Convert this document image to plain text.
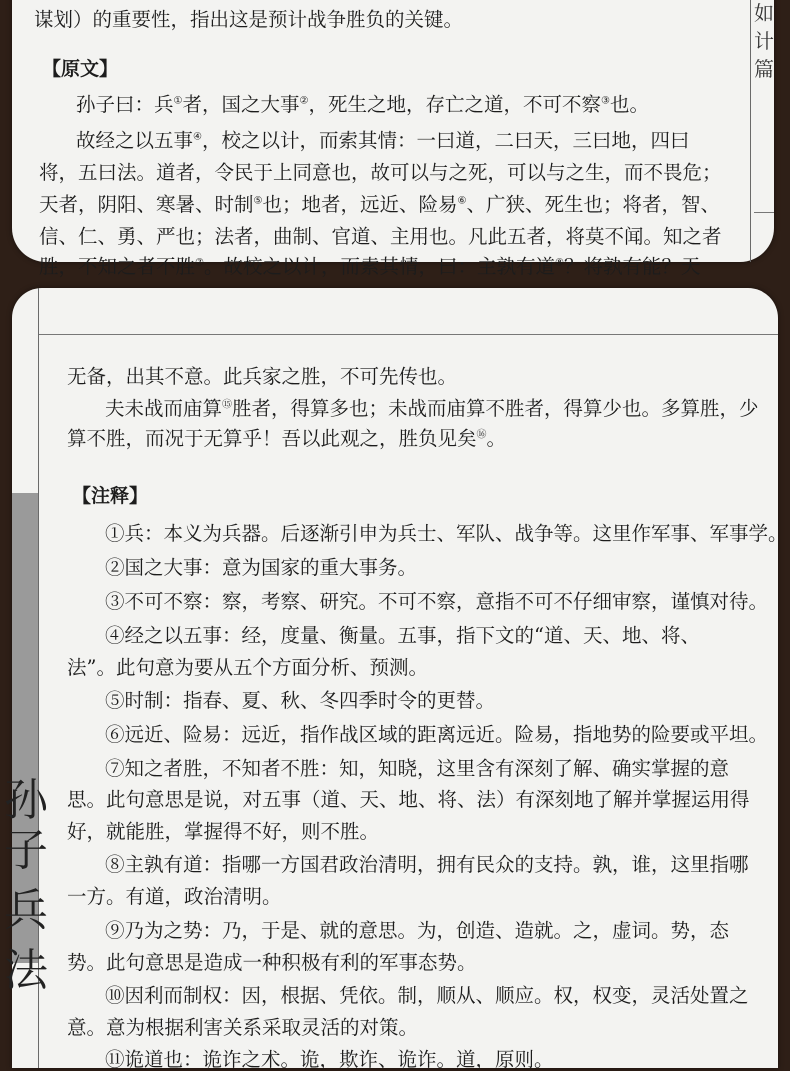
谋划）的重要性，指出这是预计战争胜负的关键。
【原文】
孙子曰：兵①者，国之大事②，死生之地，存亡之道，不可不察③也。
故经之以五事④，校之以计，而索其情：一曰道，二曰天，三曰地，四曰
将，五曰法。道者，令民于上同意也，故可以与之死，可以与之生，而不畏危；
天者，阴阳、寒暑、时制⑤也；地者，远近、险易⑥、广狭、死生也；将者，智、
信、仁、勇、严也；法者，曲制、官道、主用也。凡此五者，将莫不闻。知之者
胜，不知之者不胜⑦。故校之以计，而索其情，曰：主孰有道⑧？将孰有能？天
如
计
篇
孙
子
兵
法
无备，出其不意。此兵家之胜，不可先传也。
夫未战而庙算⑮胜者，得算多也；未战而庙算不胜者，得算少也。多算胜，少
算不胜，而况于无算乎！吾以此观之，胜负见矣⑯。
【注释】
①兵：本义为兵器。后逐渐引申为兵士、军队、战争等。这里作军事、军事学。
②国之大事：意为国家的重大事务。
③不可不察：察，考察、研究。不可不察，意指不可不仔细审察，谨慎对待。
④经之以五事：经，度量、衡量。五事，指下文的“道、天、地、将、
法”。此句意为要从五个方面分析、预测。
⑤时制：指春、夏、秋、冬四季时令的更替。
⑥远近、险易：远近，指作战区域的距离远近。险易，指地势的险要或平坦。
⑦知之者胜，不知者不胜：知，知晓，这里含有深刻了解、确实掌握的意
思。此句意思是说，对五事（道、天、地、将、法）有深刻地了解并掌握运用得
好，就能胜，掌握得不好，则不胜。
⑧主孰有道：指哪一方国君政治清明，拥有民众的支持。孰，谁，这里指哪
一方。有道，政治清明。
⑨乃为之势：乃，于是、就的意思。为，创造、造就。之，虚词。势，态
势。此句意思是造成一种积极有利的军事态势。
⑩因利而制权：因，根据、凭依。制，顺从、顺应。权，权变，灵活处置之
意。意为根据利害关系采取灵活的对策。
⑪诡道也：诡诈之术。诡，欺诈、诡诈。道，原则。
